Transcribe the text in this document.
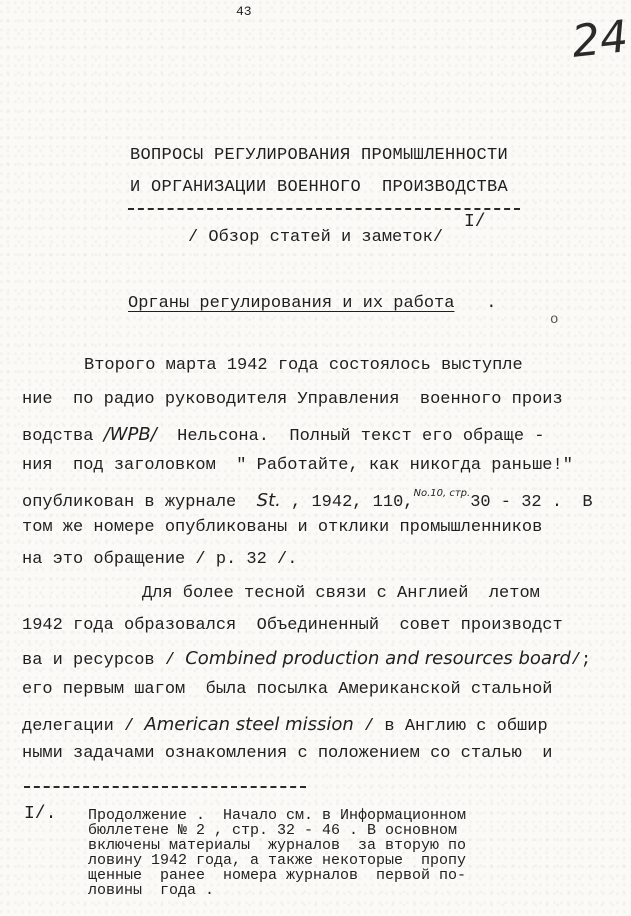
43	24
ВОПРОСЫ РЕГУЛИРОВАНИЯ ПРОМЫШЛЕННОСТИ
И ОРГАНИЗАЦИИ ВОЕННОГО  ПРОИЗВОДСТВА
I/
/ Обзор статей и заметок/
Органы регулирования и их работа .
o
Второго марта 1942 года состоялось выступле
ние  по радио руководителя Управления  военного произ
водства /WPB/  Нельсона.  Полный текст его обраще -
ния  под заголовком  " Работайте, как никогда раньше!"
опубликован в журнале  St. , 1942, 110,$^{No.10, стр.}$30 - 32 .  В
том же номере опубликованы и отклики промышленников
на это обращение / p. 32 /.
Для более тесной связи с Англией  летом
1942 года образовался  Объединенный  совет производст
ва и ресурсов / Combined production and resources board/;
его первым шагом  была посылка Американской стальной
делегации / American steel mission / в Англию с обшир
ными задачами ознакомления с положением со сталью  и
I/. Продолжение .  Начало см. в Информационном
бюллетене № 2 , стр. 32 - 46 . В основном
включены материалы  журналов  за вторую по
ловину 1942 года, а также некоторые  пропу
щенные  ранее  номера журналов  первой по-
ловины  года .
